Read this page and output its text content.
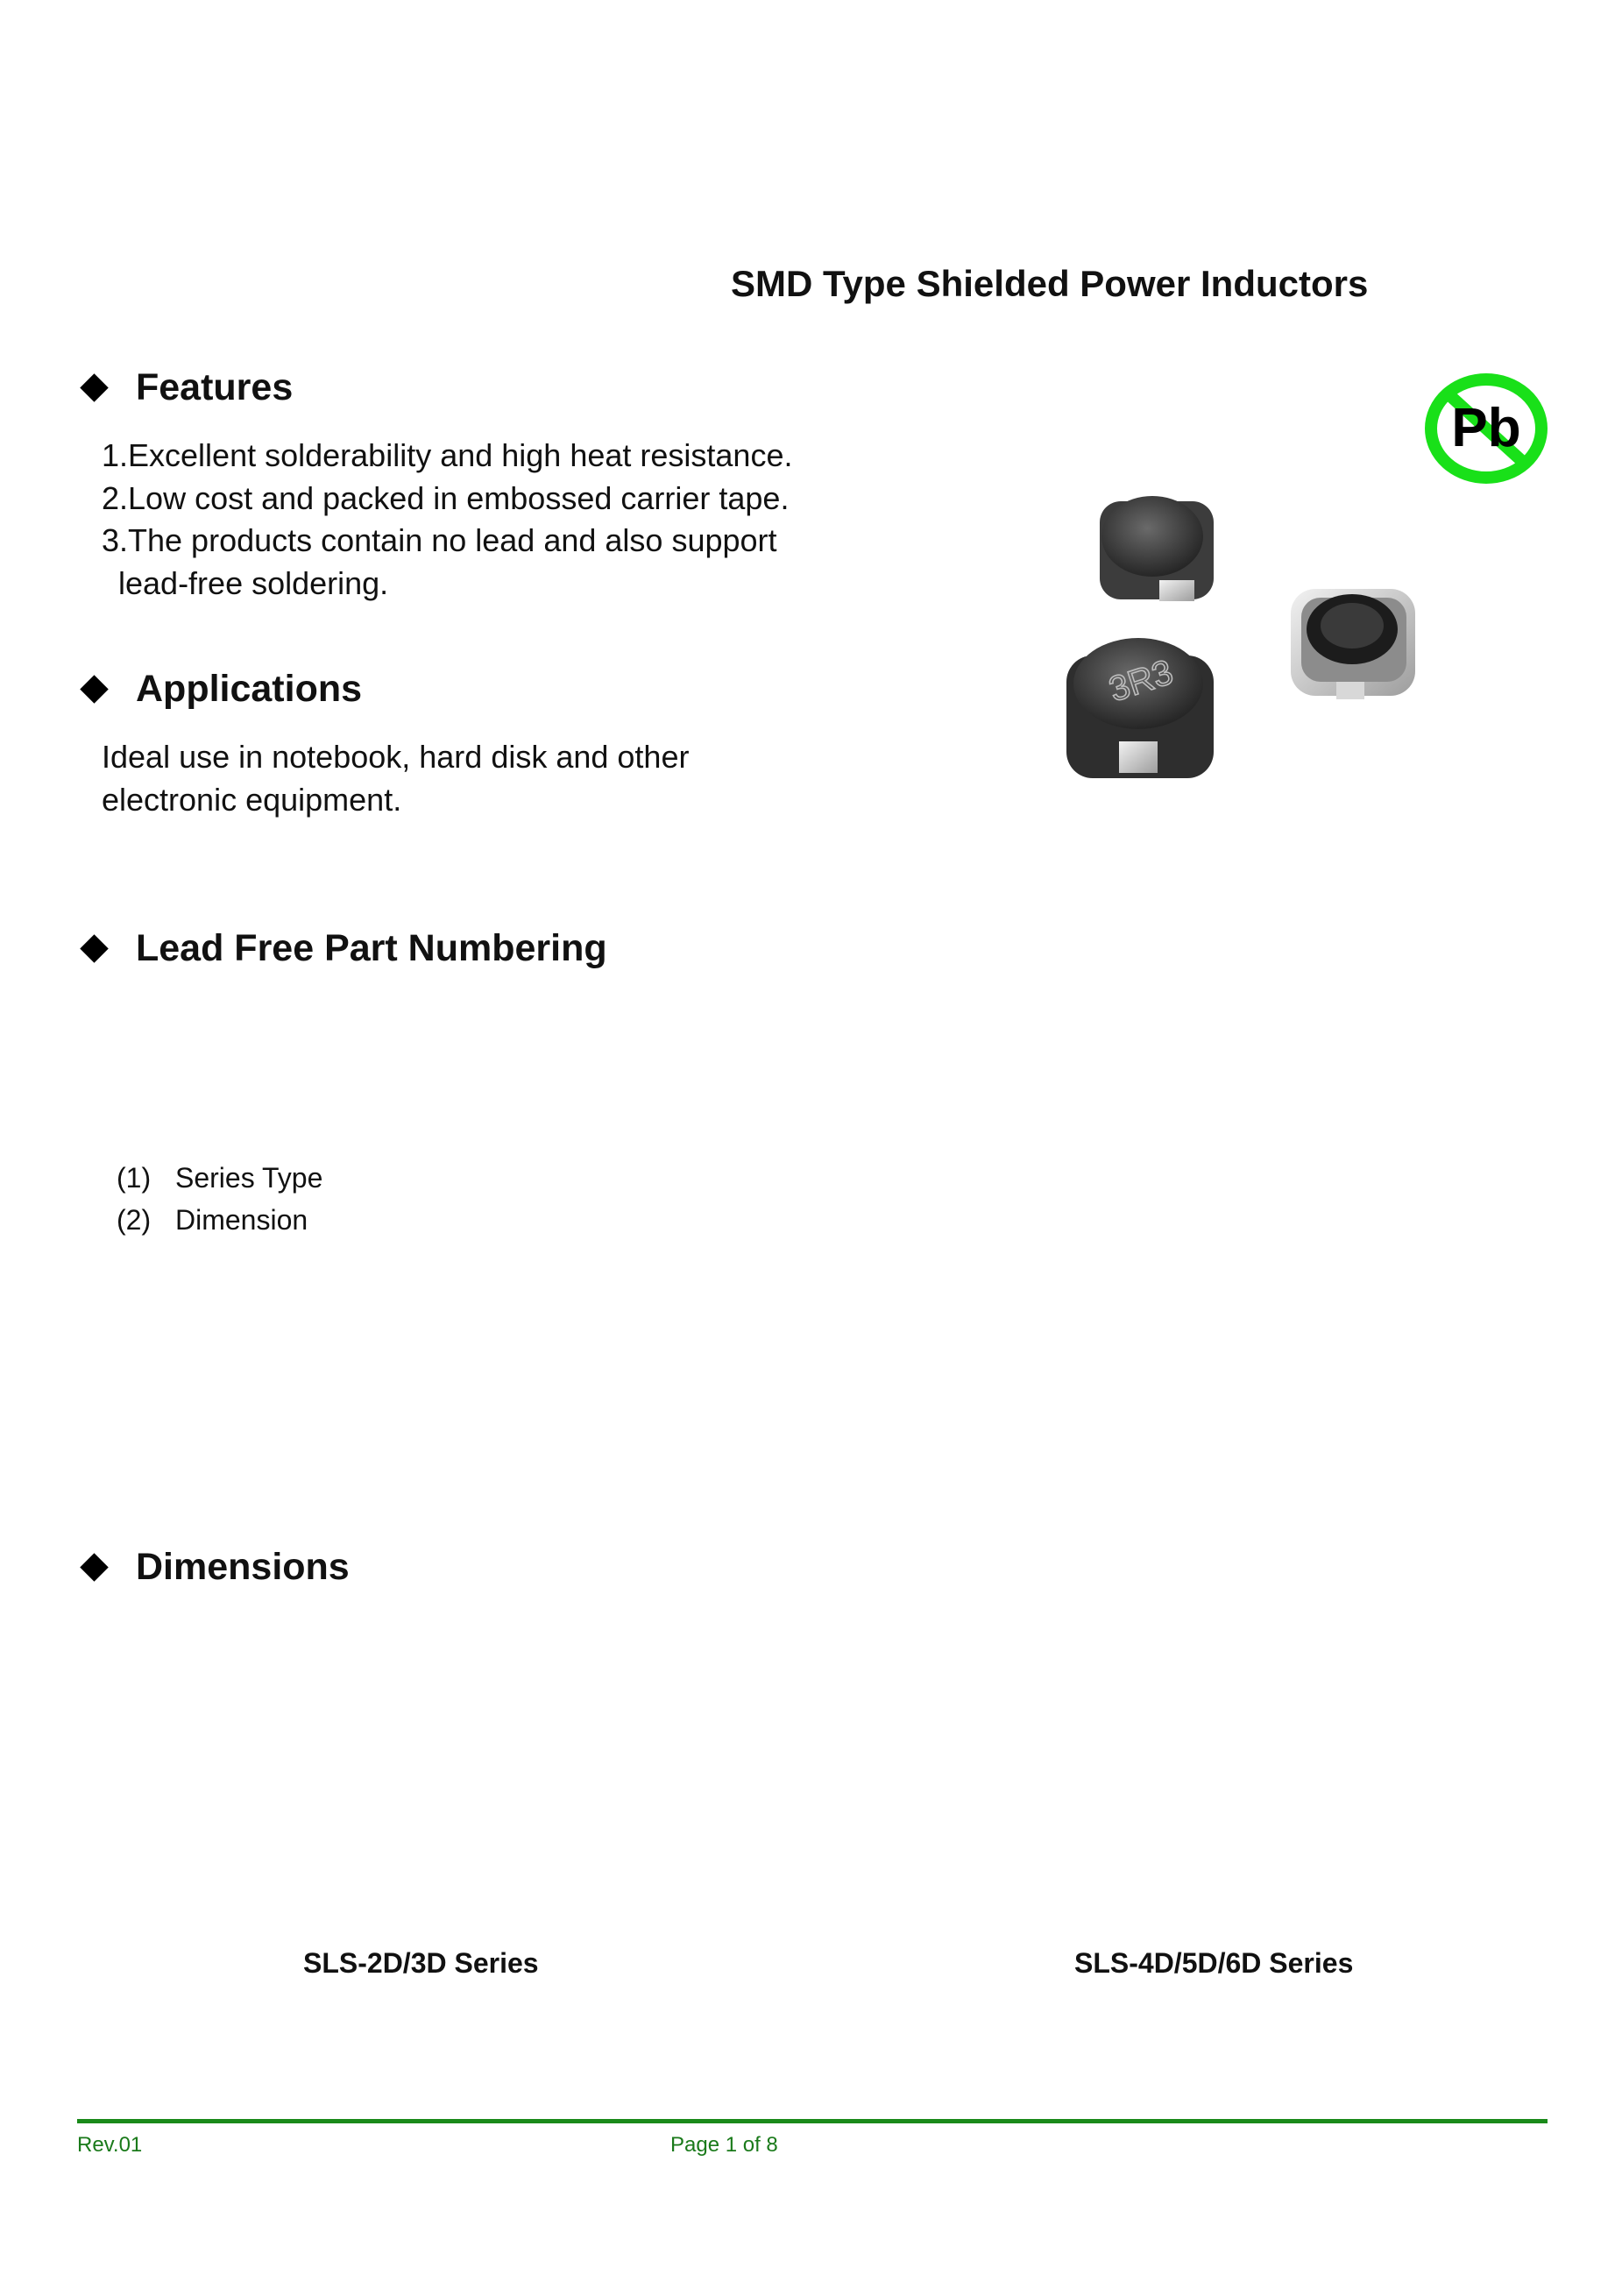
SMD Type Shielded Power Inductors
Pb
Features
1.Excellent solderability and high heat resistance.
2.Low cost and packed in embossed carrier tape.
3.The products contain no lead and also support
lead-free soldering.
3R3
Applications
Ideal use in notebook, hard disk and other
electronic equipment.
Lead Free Part Numbering
(1) Series Type
(2) Dimension
Dimensions
SLS-2D/3D Series	SLS-4D/5D/6D Series
Rev.01	Page 1 of 8
